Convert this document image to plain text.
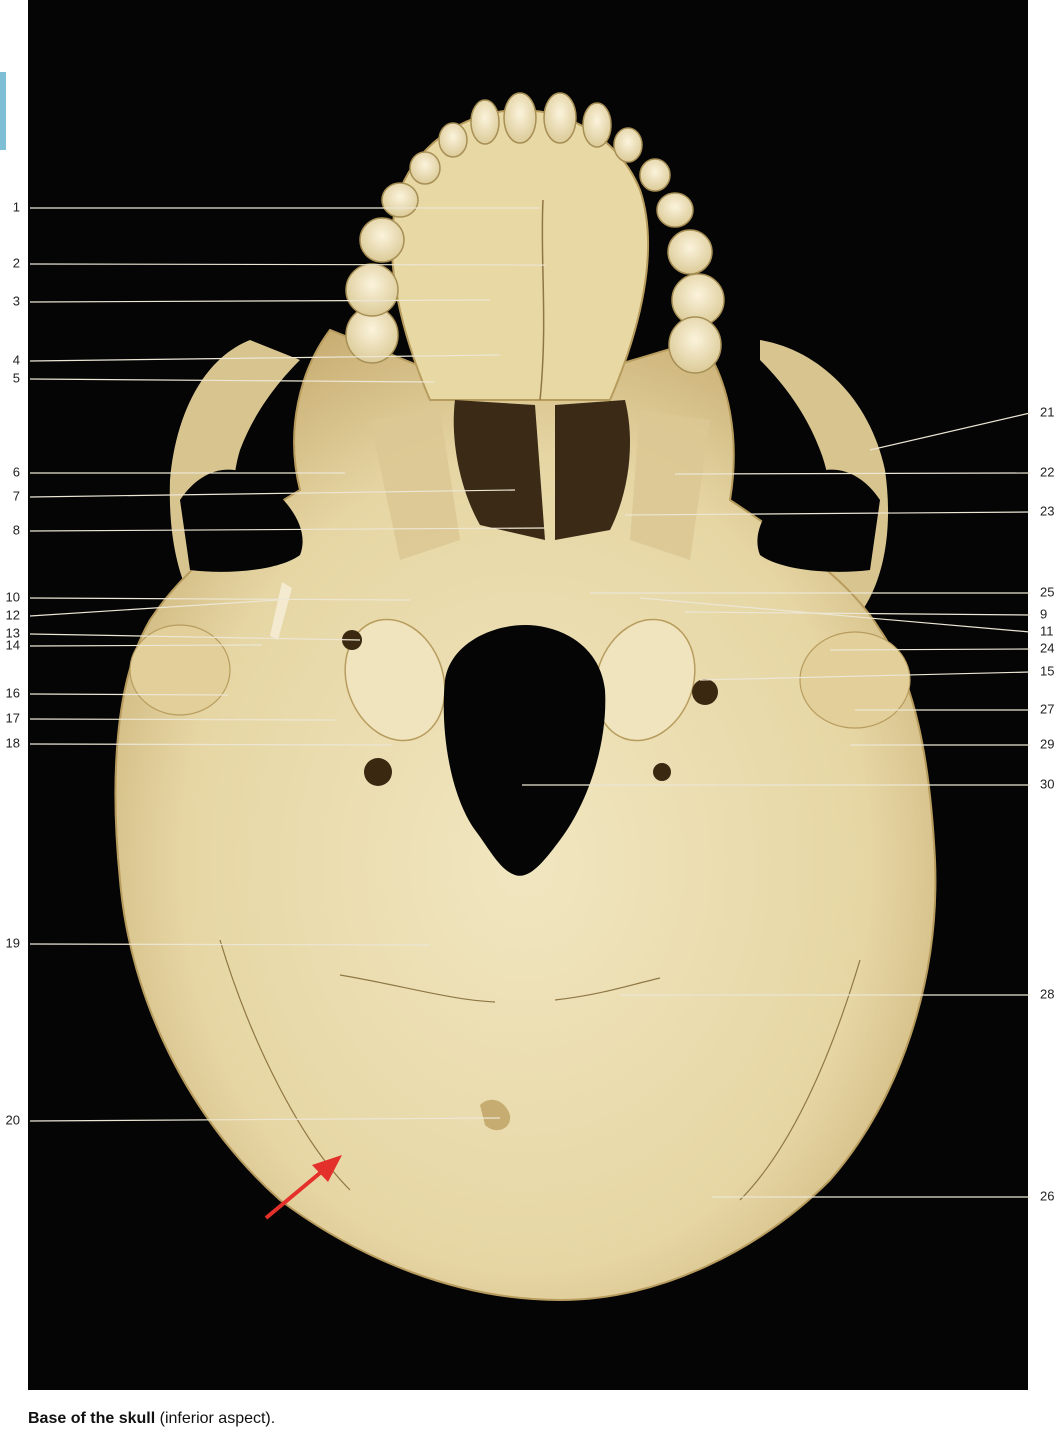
1
2
3
4
5
6
7
8
10
12
13
14
16
17
18
19
20
21
22
23
25
9
11
24
15
27
29
30
28
26
Base of the skull (inferior aspect).
